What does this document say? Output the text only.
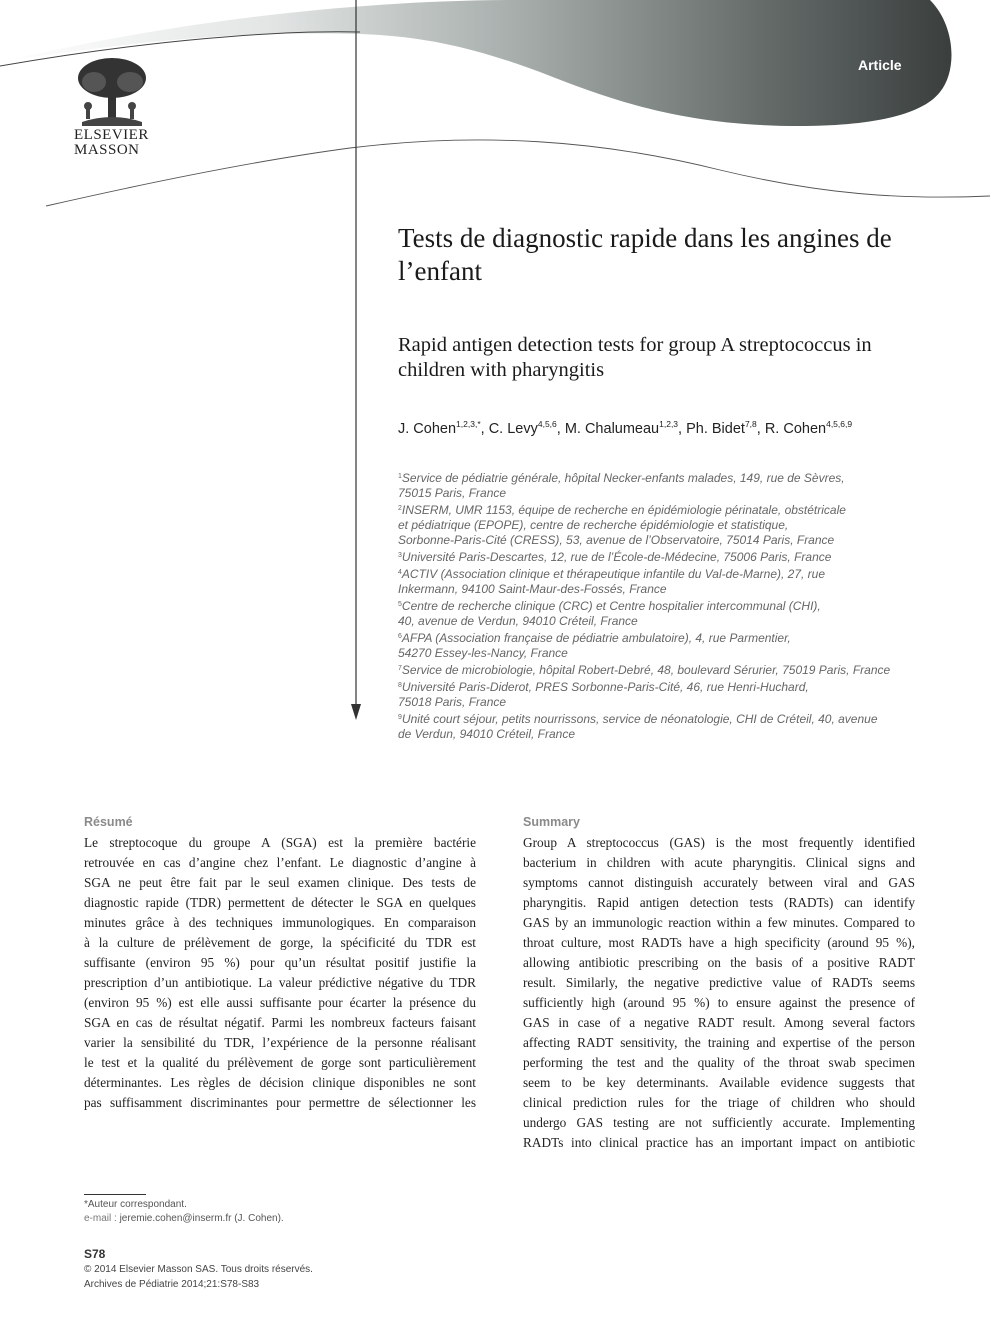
ELSEVIER
MASSON
Article
Tests de diagnostic rapide dans les angines de l’enfant
Rapid antigen detection tests for group A streptococcus in children with pharyngitis
J. Cohen$^{1,2,3,*}$, C. Levy$^{4,5,6}$, M. Chalumeau$^{1,2,3}$, Ph. Bidet$^{7,8}$, R. Cohen$^{4,5,6,9}$
$^1$Service de pédiatrie générale, hôpital Necker-enfants malades, 149, rue de Sèvres,
75015 Paris, France
$^2$INSERM, UMR 1153, équipe de recherche en épidémiologie périnatale, obstétricale
et pédiatrique (EPOPE), centre de recherche épidémiologie et statistique,
Sorbonne-Paris-Cité (CRESS), 53, avenue de l’Observatoire, 75014 Paris, France
$^3$Université Paris-Descartes, 12, rue de l’École-de-Médecine, 75006 Paris, France
$^4$ACTIV (Association clinique et thérapeutique infantile du Val-de-Marne), 27, rue
Inkermann, 94100 Saint-Maur-des-Fossés, France
$^5$Centre de recherche clinique (CRC) et Centre hospitalier intercommunal (CHI),
40, avenue de Verdun, 94010 Créteil, France
$^6$AFPA (Association française de pédiatrie ambulatoire), 4, rue Parmentier,
54270 Essey-les-Nancy, France
$^7$Service de microbiologie, hôpital Robert-Debré, 48, boulevard Sérurier, 75019 Paris, France
$^8$Université Paris-Diderot, PRES Sorbonne-Paris-Cité, 46, rue Henri-Huchard,
75018 Paris, France
$^9$Unité court séjour, petits nourrissons, service de néonatologie, CHI de Créteil, 40, avenue
de Verdun, 94010 Créteil, France
Résumé	Summary
Le streptocoque du groupe A (SGA) est la première bactérie
retrouvée en cas d’angine chez l’enfant. Le diagnostic d’angine à
SGA ne peut être fait par le seul examen clinique. Des tests de
diagnostic rapide (TDR) permettent de détecter le SGA en quelques
minutes grâce à des techniques immunologiques. En comparaison
à la culture de prélèvement de gorge, la spécificité du TDR est
suffisante (environ 95 %) pour qu’un résultat positif justifie la
prescription d’un antibiotique. La valeur prédictive négative du TDR
(environ 95 %) est elle aussi suffisante pour écarter la présence du
SGA en cas de résultat négatif. Parmi les nombreux facteurs faisant
varier la sensibilité du TDR, l’expérience de la personne réalisant
le test et la qualité du prélèvement de gorge sont particulièrement
déterminantes. Les règles de décision clinique disponibles ne sont
pas suffisamment discriminantes pour permettre de sélectionner les
Group A streptococcus (GAS) is the most frequently identified
bacterium in children with acute pharyngitis. Clinical signs and
symptoms cannot distinguish accurately between viral and GAS
pharyngitis. Rapid antigen detection tests (RADTs) can identify
GAS by an immunologic reaction within a few minutes. Compared to
throat culture, most RADTs have a high specificity (around 95 %),
allowing antibiotic prescribing on the basis of a positive RADT
result. Similarly, the negative predictive value of RADTs seems
sufficiently high (around 95 %) to ensure against the presence of
GAS in case of a negative RADT result. Among several factors
affecting RADT sensitivity, the training and expertise of the person
performing the test and the quality of the throat swab specimen
seem to be key determinants. Available evidence suggests that
clinical prediction rules for the triage of children who should
undergo GAS testing are not sufficiently accurate. Implementing
RADTs into clinical practice has an important impact on antibiotic
*Auteur correspondant.
e-mail : jeremie.cohen@inserm.fr (J. Cohen).
S78
© 2014 Elsevier Masson SAS. Tous droits réservés.
Archives de Pédiatrie 2014;21:S78-S83
